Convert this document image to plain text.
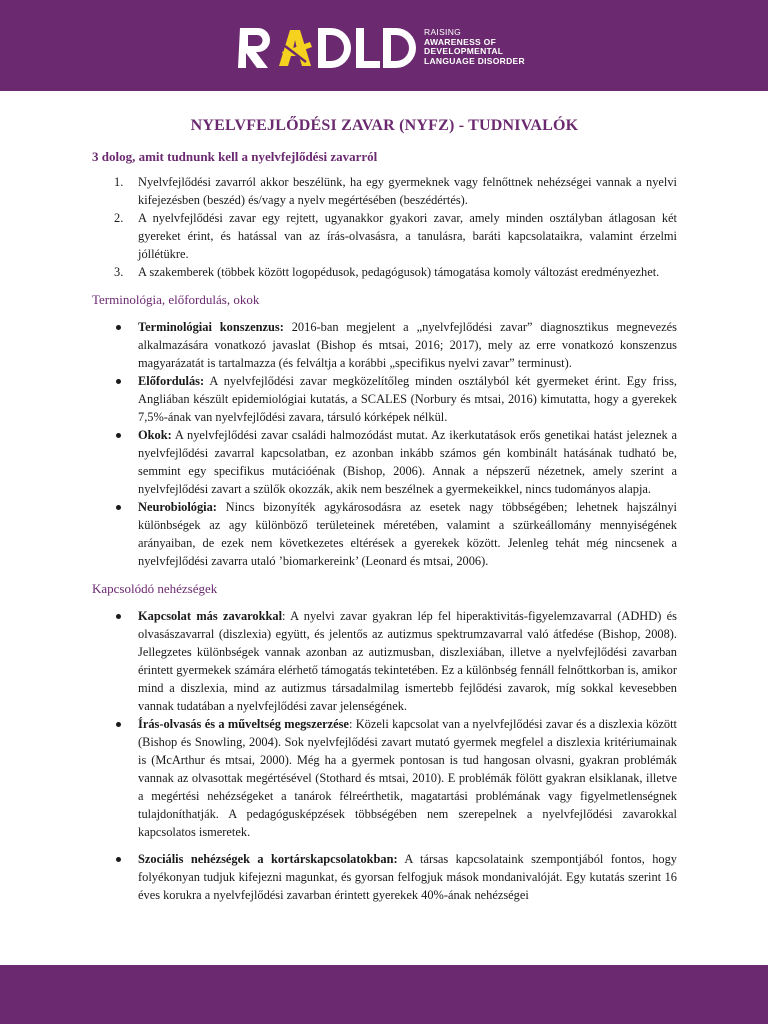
RAISING
AWARENESS OF
DEVELOPMENTAL
LANGUAGE DISORDER
NYELVFEJLŐDÉSI ZAVAR (NYFZ) - TUDNIVALÓK
3 dolog, amit tudnunk kell a nyelvfejlődési zavarról
1. Nyelvfejlődési zavarról akkor beszélünk, ha egy gyermeknek vagy felnőttnek nehézségei vannak a nyelvi kifejezésben (beszéd) és/vagy a nyelv megértésében (beszédértés).
2. A nyelvfejlődési zavar egy rejtett, ugyanakkor gyakori zavar, amely minden osztályban átlagosan két gyereket érint, és hatással van az írás-olvasásra, a tanulásra, baráti kapcsolataikra, valamint érzelmi jóllétükre.
3. A szakemberek (többek között logopédusok, pedagógusok) támogatása komoly változást eredményezhet.
Terminológia, előfordulás, okok
Terminológiai konszenzus: 2016-ban megjelent a „nyelvfejlődési zavar” diagnosztikus megnevezés alkalmazására vonatkozó javaslat (Bishop és mtsai, 2016; 2017), mely az erre vonatkozó konszenzus magyarázatát is tartalmazza (és felváltja a korábbi „specifikus nyelvi zavar” terminust).
Előfordulás: A nyelvfejlődési zavar megközelítőleg minden osztályból két gyermeket érint. Egy friss, Angliában készült epidemiológiai kutatás, a SCALES (Norbury és mtsai, 2016) kimutatta, hogy a gyerekek 7,5%-ának van nyelvfejlődési zavara, társuló kórképek nélkül.
Okok: A nyelvfejlődési zavar családi halmozódást mutat. Az ikerkutatások erős genetikai hatást jeleznek a nyelvfejlődési zavarral kapcsolatban, ez azonban inkább számos gén kombinált hatásának tudható be, semmint egy specifikus mutációénak (Bishop, 2006). Annak a népszerű nézetnek, amely szerint a nyelvfejlődési zavart a szülők okozzák, akik nem beszélnek a gyermekeikkel, nincs tudományos alapja.
Neurobiológia: Nincs bizonyíték agykárosodásra az esetek nagy többségében; lehetnek hajszálnyi különbségek az agy különböző területeinek méretében, valamint a szürkeállomány mennyiségének arányaiban, de ezek nem következetes eltérések a gyerekek között. Jelenleg tehát még nincsenek a nyelvfejlődési zavarra utaló ’biomarkereink’ (Leonard és mtsai, 2006).
Kapcsolódó nehézségek
Kapcsolat más zavarokkal: A nyelvi zavar gyakran lép fel hiperaktivitás-figyelemzavarral (ADHD) és olvasászavarral (diszlexia) együtt, és jelentős az autizmus spektrumzavarral való átfedése (Bishop, 2008). Jellegzetes különbségek vannak azonban az autizmusban, diszlexiában, illetve a nyelvfejlődési zavarban érintett gyermekek számára elérhető támogatás tekintetében. Ez a különbség fennáll felnőttkorban is, amikor mind a diszlexia, mind az autizmus társadalmilag ismertebb fejlődési zavarok, míg sokkal kevesebben vannak tudatában a nyelvfejlődési zavar jelenségének.
Írás-olvasás és a műveltség megszerzése: Közeli kapcsolat van a nyelvfejlődési zavar és a diszlexia között (Bishop és Snowling, 2004). Sok nyelvfejlődési zavart mutató gyermek megfelel a diszlexia kritériumainak is (McArthur és mtsai, 2000). Még ha a gyermek pontosan is tud hangosan olvasni, gyakran problémák vannak az olvasottak megértésével (Stothard és mtsai, 2010). E problémák fölött gyakran elsiklanak, illetve a megértési nehézségeket a tanárok félreérthetik, magatartási problémának vagy figyelmetlenségnek tulajdoníthatják. A pedagógusképzések többségében nem szerepelnek a nyelvfejlődési zavarokkal kapcsolatos ismeretek.
Szociális nehézségek a kortárskapcsolatokban: A társas kapcsolataink szempontjából fontos, hogy folyékonyan tudjuk kifejezni magunkat, és gyorsan felfogjuk mások mondanivalóját. Egy kutatás szerint 16 éves korukra a nyelvfejlődési zavarban érintett gyerekek 40%-ának nehézségei
